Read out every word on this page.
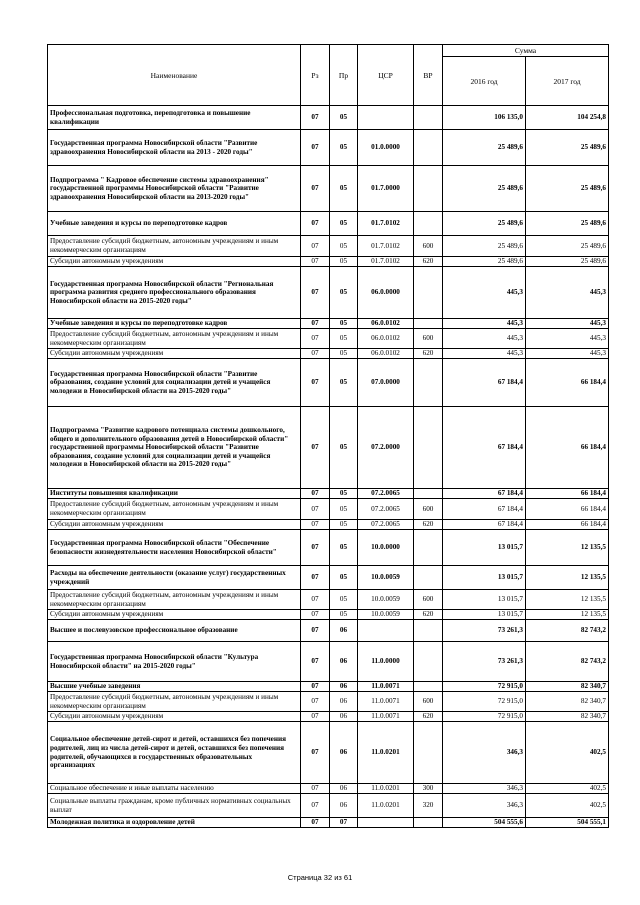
Наименование	Рз	Пр	ЦСР	ВР	Сумма	
					2016 год	2017 год
Профессиональная подготовка, переподготовка и повышение квалификации	07	05			106 135,0	104 254,8
Государственная программа Новосибирской области "Развитие здравоохранения Новосибирской области на 2013 - 2020 годы"	07	05	01.0.0000		25 489,6	25 489,6
Подпрограмма " Кадровое обеспечение системы здравоохранения" государственной программы Новосибирской области "Развитие здравоохранения Новосибирской области на 2013-2020 годы"	07	05	01.7.0000		25 489,6	25 489,6
Учебные заведения и курсы по переподготовке кадров	07	05	01.7.0102		25 489,6	25 489,6
Предоставление субсидий бюджетным, автономным учреждениям и иным некоммерческим организациям	07	05	01.7.0102	600	25 489,6	25 489,6
Субсидии автономным учреждениям	07	05	01.7.0102	620	25 489,6	25 489,6
Государственная программа Новосибирской области "Региональная программа развития среднего профессионального образования Новосибирской области на 2015-2020 годы"	07	05	06.0.0000		445,3	445,3
Учебные заведения и курсы по переподготовке кадров	07	05	06.0.0102		445,3	445,3
Предоставление субсидий бюджетным, автономным учреждениям и иным некоммерческим организациям	07	05	06.0.0102	600	445,3	445,3
Субсидии автономным учреждениям	07	05	06.0.0102	620	445,3	445,3
Государственная программа Новосибирской области "Развитие образования, создание условий для социализации детей и учащейся молодежи в Новосибирской области на 2015-2020 годы"	07	05	07.0.0000		67 184,4	66 184,4
Подпрограмма "Развитие кадрового потенциала системы дошкольного, общего и дополнительного образования детей в Новосибирской области" государственной программы Новосибирской области "Развитие образования, создание условий для социализации детей и учащейся молодежи в Новосибирской области на 2015-2020 годы"	07	05	07.2.0000		67 184,4	66 184,4
Институты повышения квалификации	07	05	07.2.0065		67 184,4	66 184,4
Предоставление субсидий бюджетным, автономным учреждениям и иным некоммерческим организациям	07	05	07.2.0065	600	67 184,4	66 184,4
Субсидии автономным учреждениям	07	05	07.2.0065	620	67 184,4	66 184,4
Государственная программа Новосибирской области "Обеспечение безопасности жизнедеятельности населения Новосибирской области"	07	05	10.0.0000		13 015,7	12 135,5
Расходы на обеспечение деятельности (оказание услуг) государственных учреждений	07	05	10.0.0059		13 015,7	12 135,5
Предоставление субсидий бюджетным, автономным учреждениям и иным некоммерческим организациям	07	05	10.0.0059	600	13 015,7	12 135,5
Субсидии автономным учреждениям	07	05	10.0.0059	620	13 015,7	12 135,5
Высшее и послевузовское профессиональное образование	07	06			73 261,3	82 743,2
Государственная программа Новосибирской области "Культура Новосибирской области" на 2015-2020 годы"	07	06	11.0.0000		73 261,3	82 743,2
Высшие учебные заведения	07	06	11.0.0071		72 915,0	82 340,7
Предоставление субсидий бюджетным, автономным учреждениям и иным некоммерческим организациям	07	06	11.0.0071	600	72 915,0	82 340,7
Субсидии автономным учреждениям	07	06	11.0.0071	620	72 915,0	82 340,7
Социальное обеспечение детей-сирот и детей, оставшихся без попечения родителей, лиц из числа детей-сирот и детей, оставшихся без попечения родителей, обучающихся в государственных образовательных организациях	07	06	11.0.0201		346,3	402,5
Социальное обеспечение и иные выплаты населению	07	06	11.0.0201	300	346,3	402,5
Социальные выплаты гражданам, кроме публичных нормативных социальных выплат	07	06	11.0.0201	320	346,3	402,5
Молодежная политика и оздоровление детей	07	07			504 555,6	504 555,1
Страница 32 из 61
